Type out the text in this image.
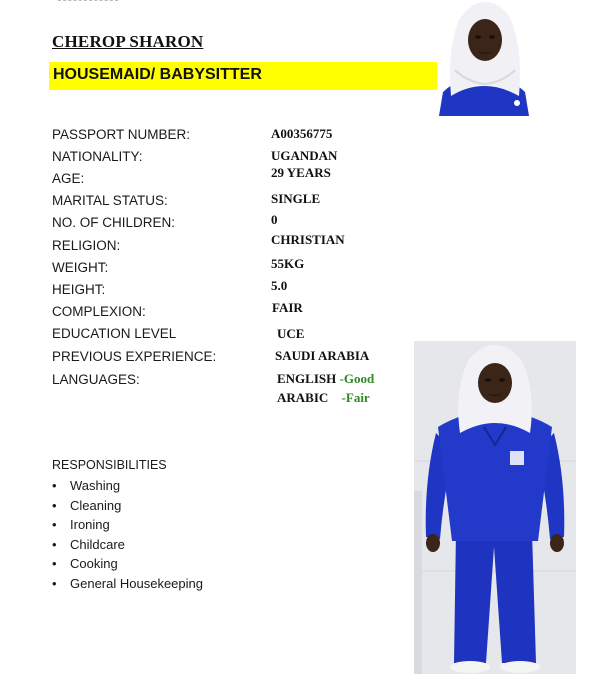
CHEROP SHARON
HOUSEMAID/ BABYSITTER
PASSPORT NUMBER:	A00356775
NATIONALITY:	UGANDAN
AGE:	29 YEARS
MARITAL STATUS:	SINGLE
NO. OF CHILDREN:	0
RELIGION:	CHRISTIAN
WEIGHT:	55KG
HEIGHT:	5.0
COMPLEXION:	FAIR
EDUCATION LEVEL	UCE
PREVIOUS EXPERIENCE:	SAUDI ARABIA
LANGUAGES:	ENGLISH -Good
ARABIC -Fair
RESPONSIBILITIES
• Washing
• Cleaning
• Ironing
• Childcare
• Cooking
• General Housekeeping
